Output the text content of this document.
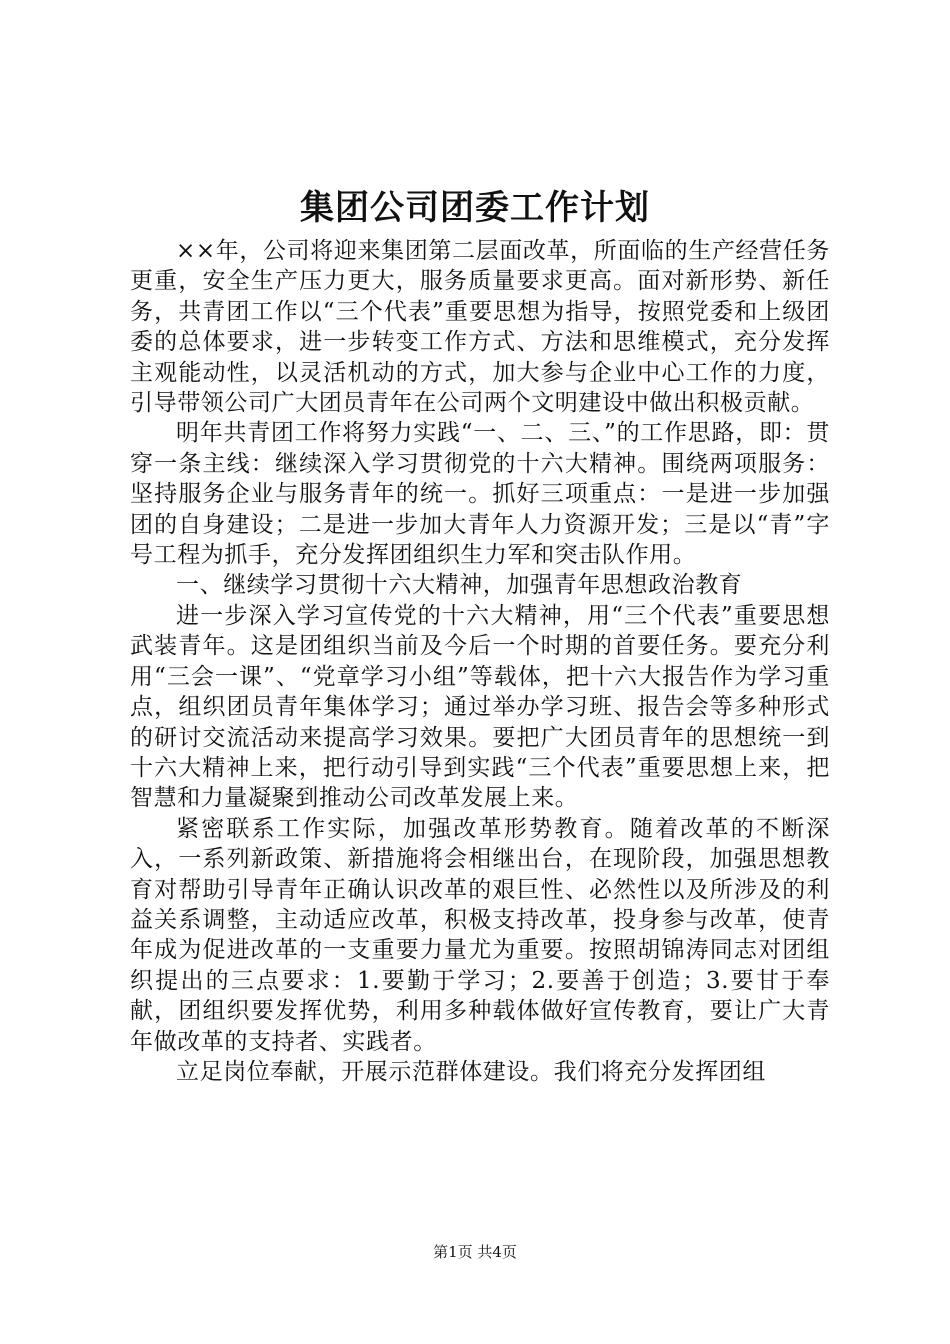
集团公司团委工作计划

××年，公司将迎来集团第二层面改革，所面临的生产经营任务更重，安全生产压力更大，服务质量要求更高。面对新形势、新任务，共青团工作以“三个代表”重要思想为指导，按照党委和上级团委的总体要求，进一步转变工作方式、方法和思维模式，充分发挥主观能动性，以灵活机动的方式，加大参与企业中心工作的力度，引导带领公司广大团员青年在公司两个文明建设中做出积极贡献。

明年共青团工作将努力实践“一、二、三、”的工作思路，即：贯穿一条主线：继续深入学习贯彻党的十六大精神。围绕两项服务：坚持服务企业与服务青年的统一。抓好三项重点：一是进一步加强团的自身建设；二是进一步加大青年人力资源开发；三是以“青”字号工程为抓手，充分发挥团组织生力军和突击队作用。

一、继续学习贯彻十六大精神，加强青年思想政治教育

进一步深入学习宣传党的十六大精神，用“三个代表”重要思想武装青年。这是团组织当前及今后一个时期的首要任务。要充分利用“三会一课”、“党章学习小组”等载体，把十六大报告作为学习重点，组织团员青年集体学习；通过举办学习班、报告会等多种形式的研讨交流活动来提高学习效果。要把广大团员青年的思想统一到十六大精神上来，把行动引导到实践“三个代表”重要思想上来，把智慧和力量凝聚到推动公司改革发展上来。

紧密联系工作实际，加强改革形势教育。随着改革的不断深入，一系列新政策、新措施将会相继出台，在现阶段，加强思想教育对帮助引导青年正确认识改革的艰巨性、必然性以及所涉及的利益关系调整，主动适应改革，积极支持改革，投身参与改革，使青年成为促进改革的一支重要力量尤为重要。按照胡锦涛同志对团组织提出的三点要求：1.要勤于学习；2.要善于创造；3.要甘于奉献，团组织要发挥优势，利用多种载体做好宣传教育，要让广大青年做改革的支持者、实践者。

立足岗位奉献，开展示范群体建设。我们将充分发挥团组

第1页 共4页
